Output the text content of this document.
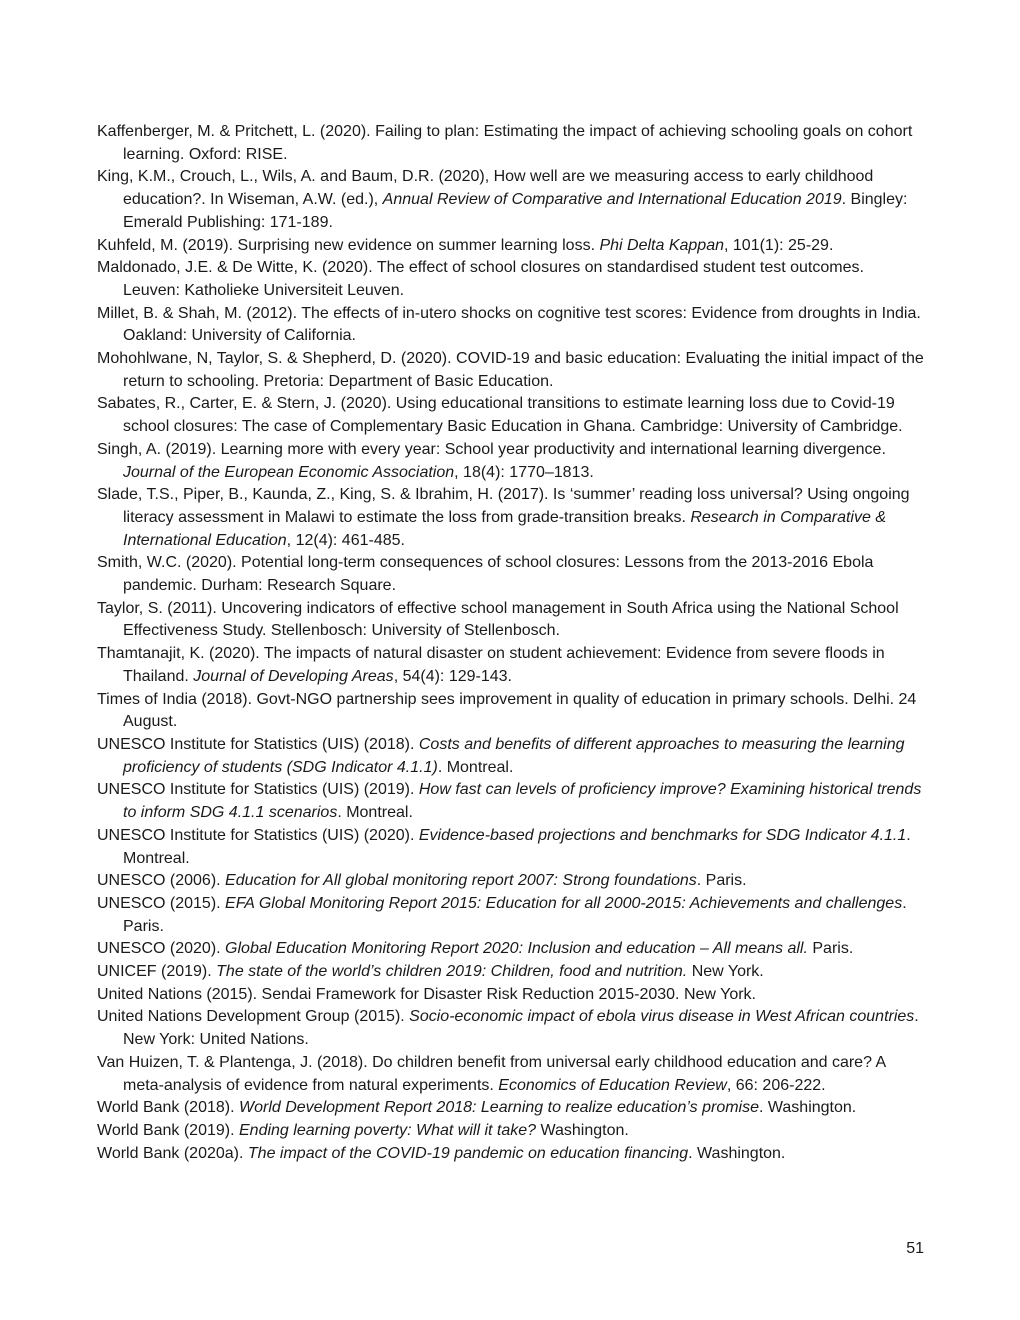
Kaffenberger, M. & Pritchett, L. (2020). Failing to plan: Estimating the impact of achieving schooling goals on cohort learning. Oxford: RISE.

King, K.M., Crouch, L., Wils, A. and Baum, D.R. (2020), How well are we measuring access to early childhood education?. In Wiseman, A.W. (ed.), Annual Review of Comparative and International Education 2019. Bingley: Emerald Publishing: 171-189.

Kuhfeld, M. (2019). Surprising new evidence on summer learning loss. Phi Delta Kappan, 101(1): 25-29.

Maldonado, J.E. & De Witte, K. (2020). The effect of school closures on standardised student test outcomes. Leuven: Katholieke Universiteit Leuven.

Millet, B. & Shah, M. (2012). The effects of in-utero shocks on cognitive test scores: Evidence from droughts in India. Oakland: University of California.

Mohohlwane, N, Taylor, S. & Shepherd, D. (2020). COVID-19 and basic education: Evaluating the initial impact of the return to schooling. Pretoria: Department of Basic Education.

Sabates, R., Carter, E. & Stern, J. (2020). Using educational transitions to estimate learning loss due to Covid-19 school closures: The case of Complementary Basic Education in Ghana. Cambridge: University of Cambridge.

Singh, A. (2019). Learning more with every year: School year productivity and international learning divergence. Journal of the European Economic Association, 18(4): 1770–1813.

Slade, T.S., Piper, B., Kaunda, Z., King, S. & Ibrahim, H. (2017). Is ‘summer’ reading loss universal? Using ongoing literacy assessment in Malawi to estimate the loss from grade-transition breaks. Research in Comparative & International Education, 12(4): 461-485.

Smith, W.C. (2020). Potential long-term consequences of school closures: Lessons from the 2013-2016 Ebola pandemic. Durham: Research Square.

Taylor, S. (2011). Uncovering indicators of effective school management in South Africa using the National School Effectiveness Study. Stellenbosch: University of Stellenbosch.

Thamtanajit, K. (2020). The impacts of natural disaster on student achievement: Evidence from severe floods in Thailand. Journal of Developing Areas, 54(4): 129-143.

Times of India (2018). Govt-NGO partnership sees improvement in quality of education in primary schools. Delhi. 24 August.

UNESCO Institute for Statistics (UIS) (2018). Costs and benefits of different approaches to measuring the learning proficiency of students (SDG Indicator 4.1.1). Montreal.

UNESCO Institute for Statistics (UIS) (2019). How fast can levels of proficiency improve? Examining historical trends to inform SDG 4.1.1 scenarios. Montreal.

UNESCO Institute for Statistics (UIS) (2020). Evidence-based projections and benchmarks for SDG Indicator 4.1.1. Montreal.

UNESCO (2006). Education for All global monitoring report 2007: Strong foundations. Paris.

UNESCO (2015). EFA Global Monitoring Report 2015: Education for all 2000-2015: Achievements and challenges. Paris.

UNESCO (2020). Global Education Monitoring Report 2020: Inclusion and education – All means all. Paris.

UNICEF (2019). The state of the world’s children 2019: Children, food and nutrition. New York.

United Nations (2015). Sendai Framework for Disaster Risk Reduction 2015-2030. New York.

United Nations Development Group (2015). Socio-economic impact of ebola virus disease in West African countries. New York: United Nations.

Van Huizen, T. & Plantenga, J. (2018). Do children benefit from universal early childhood education and care? A meta-analysis of evidence from natural experiments. Economics of Education Review, 66: 206-222.

World Bank (2018). World Development Report 2018: Learning to realize education’s promise. Washington.

World Bank (2019). Ending learning poverty: What will it take? Washington.

World Bank (2020a). The impact of the COVID-19 pandemic on education financing. Washington.

51
